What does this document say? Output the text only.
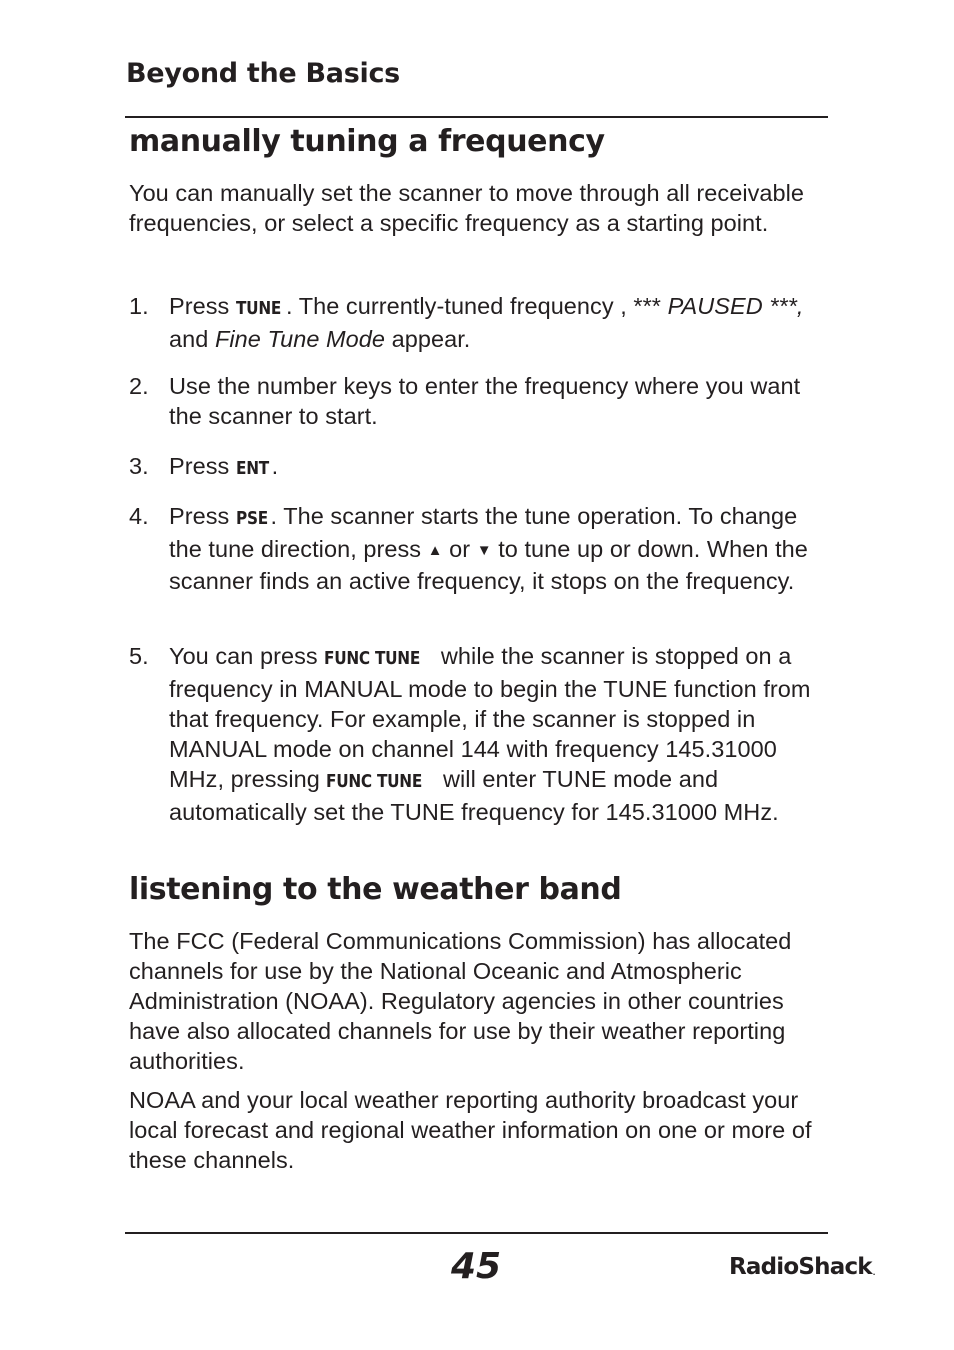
Beyond the Basics
manually tuning a frequency

You can manually set the scanner to move through all receivable frequencies, or select a specific frequency as a starting point.

1. Press TUNE . The currently-tuned frequency , *** PAUSED ***, and Fine Tune Mode appear.
2. Use the number keys to enter the frequency where you want the scanner to start.
3. Press ENT .
4. Press PSE . The scanner starts the tune operation. To change the tune direction, press ▲ or ▼ to tune up or down. When the scanner finds an active frequency, it stops on the frequency.
5. You can press FUNC TUNE while the scanner is stopped on a frequency in MANUAL mode to begin the TUNE function from that frequency. For example, if the scanner is stopped in MANUAL mode on channel 144 with frequency 145.31000 MHz, pressing FUNC TUNE will enter TUNE mode and automatically set the TUNE frequency for 145.31000 MHz.
listening to the weather band

The FCC (Federal Communications Commission) has allocated channels for use by the National Oceanic and Atmospheric Administration (NOAA). Regulatory agencies in other countries have also allocated channels for use by their weather reporting authorities.

NOAA and your local weather reporting authority broadcast your local forecast and regional weather information on one or more of these channels.

45	RadioShack.
